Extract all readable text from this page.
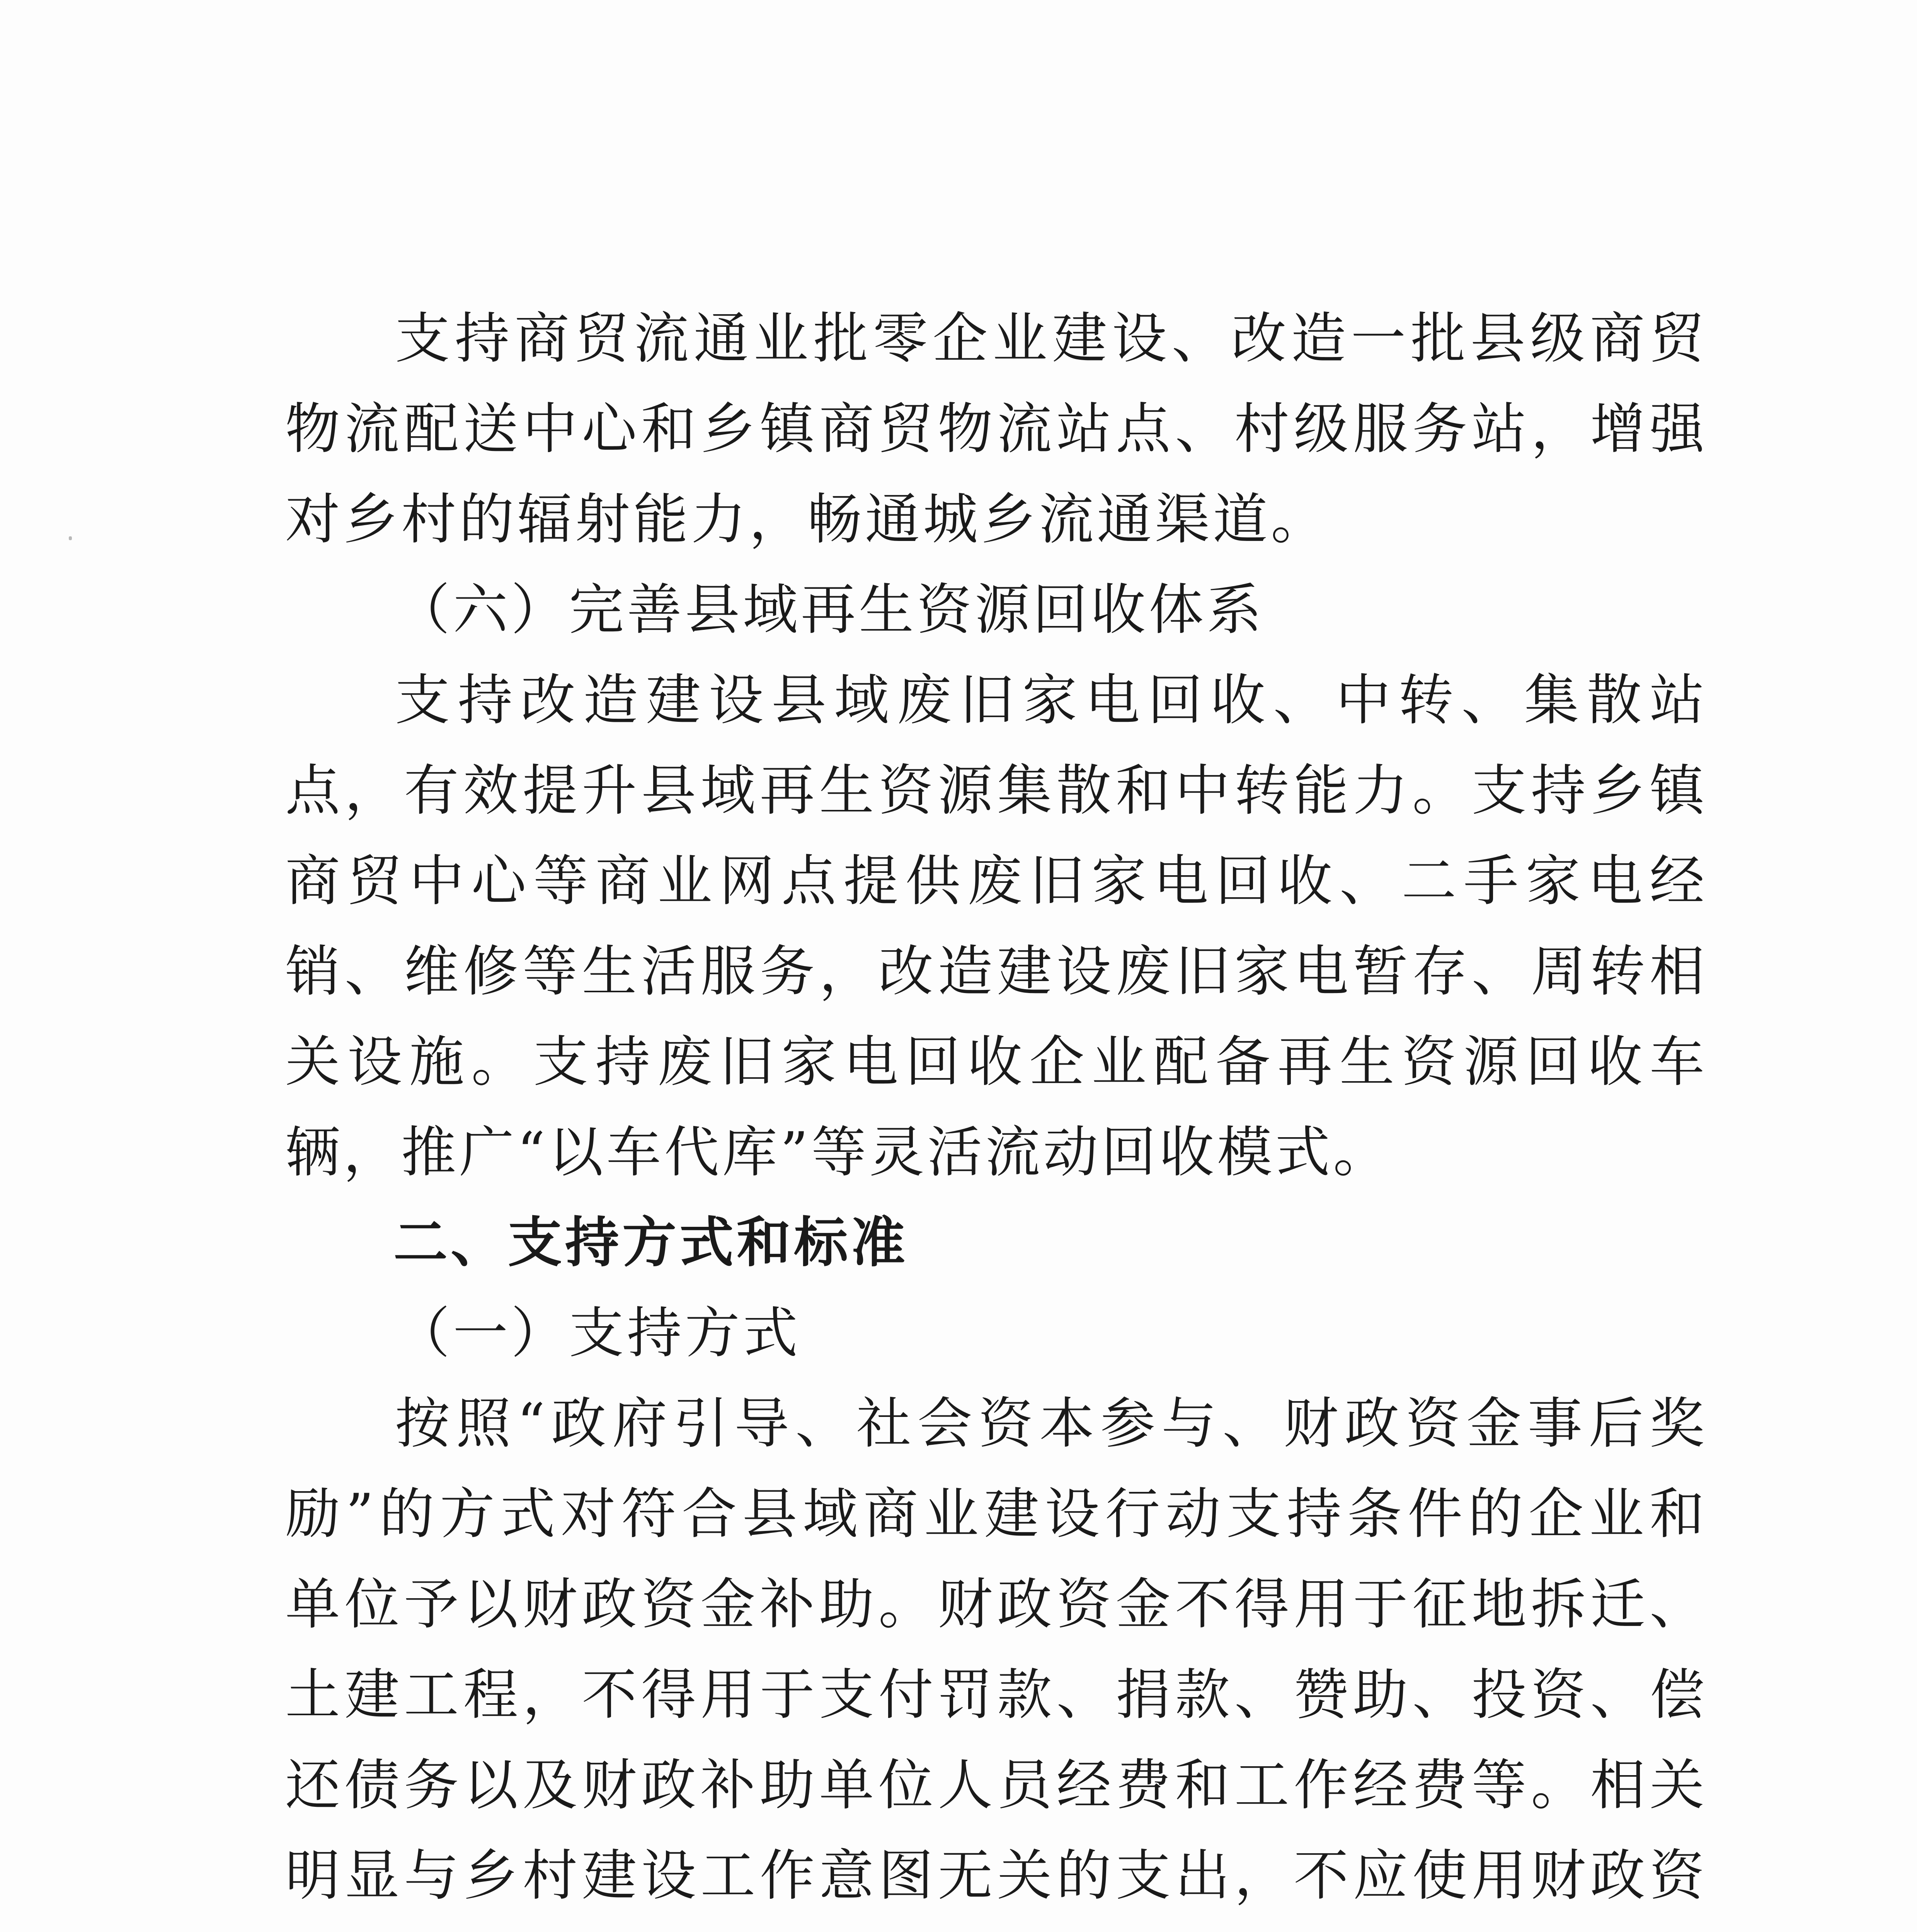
支持商贸流通业批零企业建设、改造一批县级商贸物流配送中心和乡镇商贸物流站点、村级服务站，增强对乡村的辐射能力，畅通城乡流通渠道。

（六）完善县域再生资源回收体系

支持改造建设县域废旧家电回收、中转、集散站点，有效提升县域再生资源集散和中转能力。支持乡镇商贸中心等商业网点提供废旧家电回收、二手家电经销、维修等生活服务，改造建设废旧家电暂存、周转相关设施。支持废旧家电回收企业配备再生资源回收车辆，推广“以车代库”等灵活流动回收模式。

二、支持方式和标准

（一）支持方式

按照“政府引导、社会资本参与、财政资金事后奖励”的方式对符合县域商业建设行动支持条件的企业和单位予以财政资金补助。财政资金不得用于征地拆迁、土建工程，不得用于支付罚款、捐款、赞助、投资、偿还债务以及财政补助单位人员经费和工作经费等。相关明显与乡村建设工作意图无关的支出，不应使用财政资
